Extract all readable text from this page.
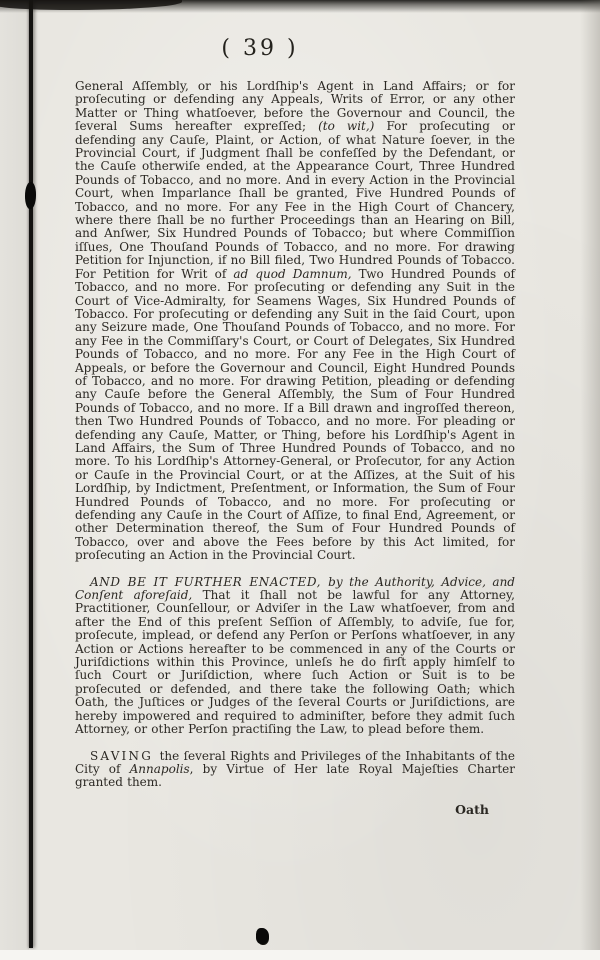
( 39 )

General Aſſembly, or his Lordſhip's Agent in Land Affairs; or for proſecuting or defending any Appeals, Writs of Error, or any other Matter or Thing whatſoever, before the Governour and Council, the ſeveral Sums hereafter expreſſed; (to wit,) For proſecuting or defending any Cauſe, Plaint, or Action, of what Nature ſoever, in the Provincial Court, if Judgment ſhall be confeſſed by the Defendant, or the Cauſe otherwiſe ended, at the Appearance Court, Three Hundred Pounds of Tobacco, and no more. And in every Action in the Provincial Court, when Imparlance ſhall be granted, Five Hundred Pounds of Tobacco, and no more. For any Fee in the High Court of Chancery, where there ſhall be no further Proceedings than an Hearing on Bill, and Anſwer, Six Hundred Pounds of Tobacco; but where Commiſſion iſſues, One Thouſand Pounds of Tobacco, and no more. For drawing Petition for Injunction, if no Bill filed, Two Hundred Pounds of Tobacco. For Petition for Writ of ad quod Damnum, Two Hundred Pounds of Tobacco, and no more. For proſecuting or defending any Suit in the Court of Vice-Admiralty, for Seamens Wages, Six Hundred Pounds of Tobacco. For proſecuting or defending any Suit in the ſaid Court, upon any Seizure made, One Thouſand Pounds of Tobacco, and no more. For any Fee in the Commiſſary's Court, or Court of Delegates, Six Hundred Pounds of Tobacco, and no more. For any Fee in the High Court of Appeals, or before the Governour and Council, Eight Hundred Pounds of Tobacco, and no more. For drawing Petition, pleading or defending any Cauſe before the General Aſſembly, the Sum of Four Hundred Pounds of Tobacco, and no more. If a Bill drawn and ingroſſed thereon, then Two Hundred Pounds of Tobacco, and no more. For pleading or defending any Cauſe, Matter, or Thing, before his Lordſhip's Agent in Land Affairs, the Sum of Three Hundred Pounds of Tobacco, and no more. To his Lordſhip's Attorney-General, or Proſecutor, for any Action or Cauſe in the Provincial Court, or at the Aſſizes, at the Suit of his Lordſhip, by Indictment, Preſentment, or Information, the Sum of Four Hundred Pounds of Tobacco, and no more. For proſecuting or defending any Cauſe in the Court of Aſſize, to final End, Agreement, or other Determination thereof, the Sum of Four Hundred Pounds of Tobacco, over and above the Fees before by this Act limited, for proſecuting an Action in the Provincial Court.

AND BE IT FURTHER ENACTED, by the Authority, Advice, and Conſent aforeſaid, That it ſhall not be lawful for any Attorney, Practitioner, Counſellour, or Adviſer in the Law whatſoever, from and after the End of this preſent Seſſion of Aſſembly, to adviſe, ſue for, proſecute, implead, or defend any Perſon or Perſons whatſoever, in any Action or Actions hereafter to be commenced in any of the Courts or Juriſdictions within this Province, unleſs he do firſt apply himſelf to ſuch Court or Juriſdiction, where ſuch Action or Suit is to be proſecuted or defended, and there take the following Oath; which Oath, the Juſtices or Judges of the ſeveral Courts or Juriſdictions, are hereby impowered and required to adminiſter, before they admit ſuch Attorney, or other Perſon practiſing the Law, to plead before them.

SAVING the ſeveral Rights and Privileges of the Inhabitants of the City of Annapolis, by Virtue of Her late Royal Majeſties Charter granted them.

Oath
